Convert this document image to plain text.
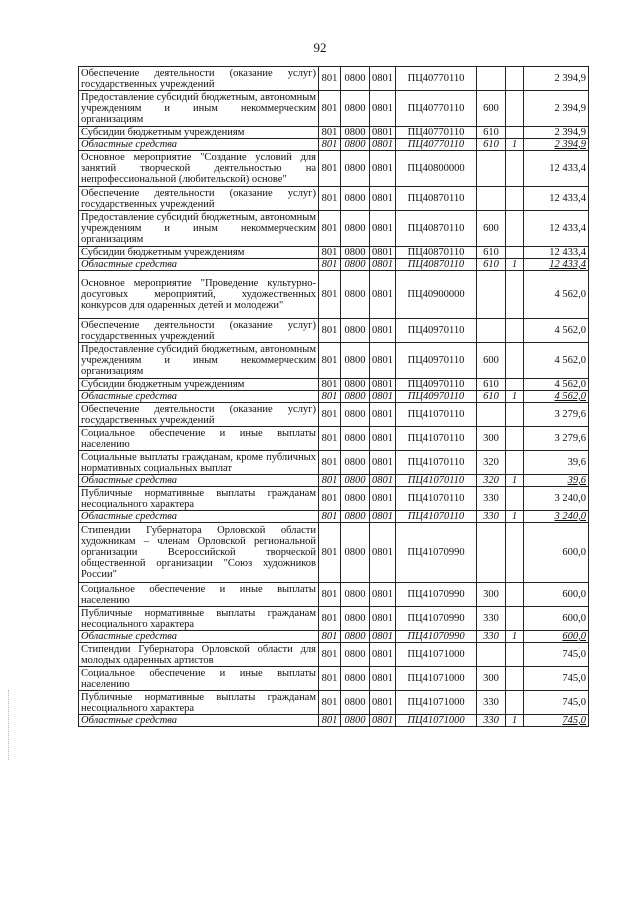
92
Обеспечение деятельности (оказание услуг) государственных учреждений	801	0800	0801	ПЦ40770110			2 394,9
Предоставление субсидий бюджетным, автономным учреждениям и иным некоммерческим организациям	801	0800	0801	ПЦ40770110	600		2 394,9
Субсидии бюджетным учреждениям	801	0800	0801	ПЦ40770110	610		2 394,9
Областные средства	801	0800	0801	ПЦ40770110	610	1	2 394,9
Основное мероприятие "Создание условий для занятий творческой деятельностью на непрофессиональной (любительской) основе"	801	0800	0801	ПЦ40800000			12 433,4
Обеспечение деятельности (оказание услуг) государственных учреждений	801	0800	0801	ПЦ40870110			12 433,4
Предоставление субсидий бюджетным, автономным учреждениям и иным некоммерческим организациям	801	0800	0801	ПЦ40870110	600		12 433,4
Субсидии бюджетным учреждениям	801	0800	0801	ПЦ40870110	610		12 433,4
Областные средства	801	0800	0801	ПЦ40870110	610	1	12 433,4
Основное мероприятие "Проведение культурно-досуговых мероприятий, художественных конкурсов для одаренных детей и молодежи"	801	0800	0801	ПЦ40900000			4 562,0
Обеспечение деятельности (оказание услуг) государственных учреждений	801	0800	0801	ПЦ40970110			4 562,0
Предоставление субсидий бюджетным, автономным учреждениям и иным некоммерческим организациям	801	0800	0801	ПЦ40970110	600		4 562,0
Субсидии бюджетным учреждениям	801	0800	0801	ПЦ40970110	610		4 562,0
Областные средства	801	0800	0801	ПЦ40970110	610	1	4 562,0
Обеспечение деятельности (оказание услуг) государственных учреждений	801	0800	0801	ПЦ41070110			3 279,6
Социальное обеспечение и иные выплаты населению	801	0800	0801	ПЦ41070110	300		3 279,6
Социальные выплаты гражданам, кроме публичных нормативных социальных выплат	801	0800	0801	ПЦ41070110	320		39,6
Областные средства	801	0800	0801	ПЦ41070110	320	1	39,6
Публичные нормативные выплаты гражданам несоциального характера	801	0800	0801	ПЦ41070110	330		3 240,0
Областные средства	801	0800	0801	ПЦ41070110	330	1	3 240,0
Стипендии Губернатора Орловской области художникам – членам Орловской региональной организации Всероссийской творческой общественной организации "Союз художников России"	801	0800	0801	ПЦ41070990			600,0
Социальное обеспечение и иные выплаты населению	801	0800	0801	ПЦ41070990	300		600,0
Публичные нормативные выплаты гражданам несоциального характера	801	0800	0801	ПЦ41070990	330		600,0
Областные средства	801	0800	0801	ПЦ41070990	330	1	600,0
Стипендии Губернатора Орловской области для молодых одаренных артистов	801	0800	0801	ПЦ41071000			745,0
Социальное обеспечение и иные выплаты населению	801	0800	0801	ПЦ41071000	300		745,0
Публичные нормативные выплаты гражданам несоциального характера	801	0800	0801	ПЦ41071000	330		745,0
Областные средства	801	0800	0801	ПЦ41071000	330	1	745,0
